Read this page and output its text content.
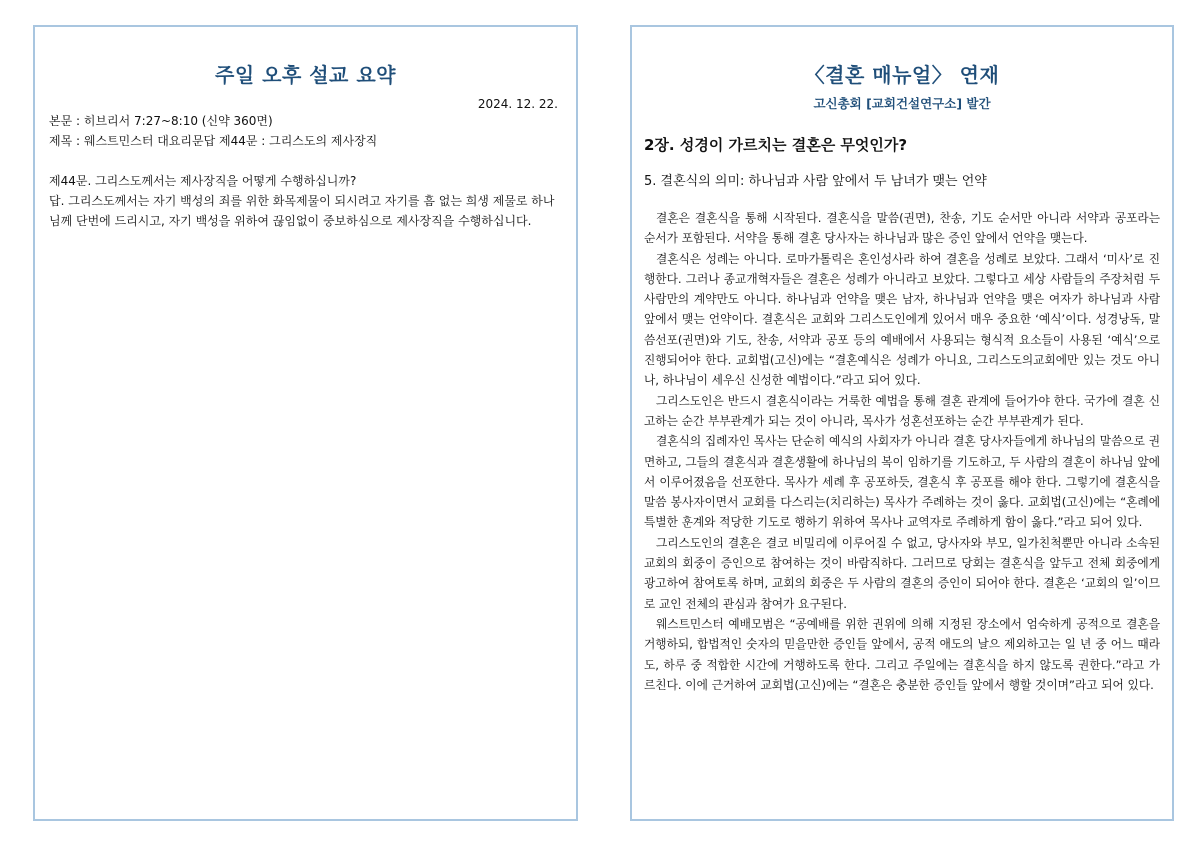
주일 오후 설교 요약
2024. 12. 22.

본문 : 히브리서 7:27~8:10 (신약 360면)

제목 : 웨스트민스터 대요리문답 제44문 : 그리스도의 제사장직

제44문. 그리스도께서는 제사장직을 어떻게 수행하십니까?

답. 그리스도께서는 자기 백성의 죄를 위한 화목제물이 되시려고 자기를 흠 없는 희생 제물로 하나님께 단번에 드리시고, 자기 백성을 위하여 끊임없이 중보하심으로 제사장직을 수행하십니다.

〈결혼 매뉴얼〉 연재
고신총회 [교회건설연구소] 발간
2장. 성경이 가르치는 결혼은 무엇인가?
5. 결혼식의 의미: 하나님과 사람 앞에서 두 남녀가 맺는 언약

결혼은 결혼식을 통해 시작된다. 결혼식을 말씀(권면), 찬송, 기도 순서만 아니라 서약과 공포라는 순서가 포함된다. 서약을 통해 결혼 당사자는 하나님과 많은 증인 앞에서 언약을 맺는다.

결혼식은 성례는 아니다. 로마가톨릭은 혼인성사라 하여 결혼을 성례로 보았다. 그래서 ‘미사’로 진행한다. 그러나 종교개혁자들은 결혼은 성례가 아니라고 보았다. 그렇다고 세상 사람들의 주장처럼 두 사람만의 계약만도 아니다. 하나님과 언약을 맺은 남자, 하나님과 언약을 맺은 여자가 하나님과 사람 앞에서 맺는 언약이다. 결혼식은 교회와 그리스도인에게 있어서 매우 중요한 ‘예식’이다. 성경낭독, 말씀선포(권면)와 기도, 찬송, 서약과 공포 등의 예배에서 사용되는 형식적 요소들이 사용된 ‘예식’으로 진행되어야 한다. 교회법(고신)에는 “결혼예식은 성례가 아니요, 그리스도의교회에만 있는 것도 아니나, 하나님이 세우신 신성한 예법이다.”라고 되어 있다.

그리스도인은 반드시 결혼식이라는 거룩한 예법을 통해 결혼 관계에 들어가야 한다. 국가에 결혼 신고하는 순간 부부관계가 되는 것이 아니라, 목사가 성혼선포하는 순간 부부관계가 된다.

결혼식의 집례자인 목사는 단순히 예식의 사회자가 아니라 결혼 당사자들에게 하나님의 말씀으로 권면하고, 그들의 결혼식과 결혼생활에 하나님의 복이 임하기를 기도하고, 두 사람의 결혼이 하나님 앞에서 이루어졌음을 선포한다. 목사가 세례 후 공포하듯, 결혼식 후 공포를 해야 한다. 그렇기에 결혼식을 말씀 봉사자이면서 교회를 다스리는(치리하는) 목사가 주례하는 것이 옳다. 교회법(고신)에는 “혼례에 특별한 훈계와 적당한 기도로 행하기 위하여 목사나 교역자로 주례하게 함이 옳다.”라고 되어 있다.

그리스도인의 결혼은 결코 비밀리에 이루어질 수 없고, 당사자와 부모, 일가친척뿐만 아니라 소속된 교회의 회중이 증인으로 참여하는 것이 바람직하다. 그러므로 당회는 결혼식을 앞두고 전체 회중에게 광고하여 참여토록 하며, 교회의 회중은 두 사람의 결혼의 증인이 되어야 한다. 결혼은 ‘교회의 일’이므로 교인 전체의 관심과 참여가 요구된다.

웨스트민스터 예배모범은 “공예배를 위한 권위에 의해 지정된 장소에서 엄숙하게 공적으로 결혼을 거행하되, 합법적인 숫자의 믿을만한 증인들 앞에서, 공적 애도의 날으 제외하고는 일 년 중 어느 때라도, 하루 중 적합한 시간에 거행하도록 한다. 그리고 주일에는 결혼식을 하지 않도록 권한다.”라고 가르친다. 이에 근거하여 교회법(고신)에는 “결혼은 충분한 증인들 앞에서 행할 것이며”라고 되어 있다.
